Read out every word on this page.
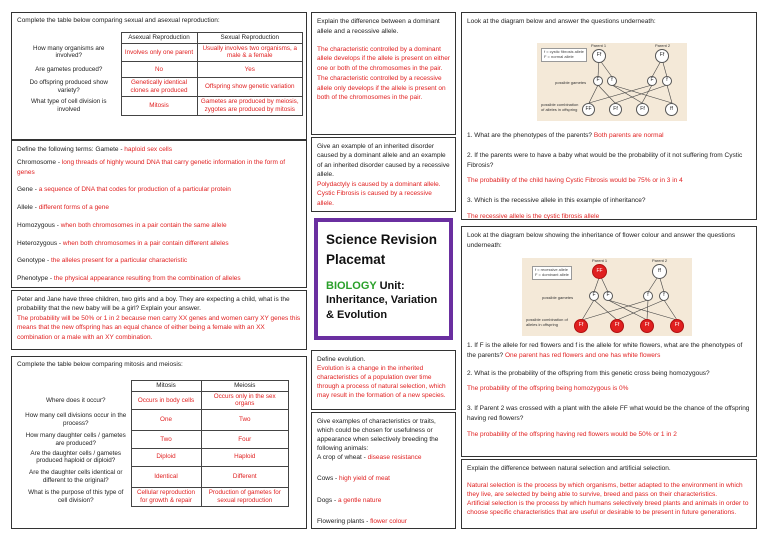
Complete the table below comparing sexual and asexual reproduction:

	Asexual Reproduction	Sexual Reproduction
How many organisms are involved?	Involves only one parent	Usually involves two organisms, a male & a female
Are gametes produced?	No	Yes
Do offspring produced show variety?	Genetically identical clones are produced	Offspring show genetic variation
What type of cell division is involved	Mitosis	Gametes are produced by meiosis, zygotes are produced by mitosis

Define the following terms: Gamete - haploid sex cells

Chromosome - long threads of highly wound DNA that carry genetic information in the form of genes

Gene - a sequence of DNA that codes for production of a particular protein

Allele - different forms of a gene

Homozygous - when both chromosomes in a pair contain the same allele

Heterozygous - when both chromosomes in a pair contain different alleles

Genotype - the alleles present for a particular characteristic

Phenotype - the physical appearance resulting from the combination of alleles

Peter and Jane have three children, two girls and a boy. They are expecting a child, what is the probability that the new baby will be a girl? Explain your answer.

The probability will be 50% or 1 in 2 because men carry XX genes and women carry XY genes this means that the new offspring has an equal chance of either being a female with an XX combination or a male with an XY combination.

Complete the table below comparing mitosis and meiosis:

	Mitosis	Meiosis
Where does it occur?	Occurs in body cells	Occurs only in the sex organs
How many cell divisions occur in the process?	One	Two
How many daughter cells / gametes are produced?	Two	Four
Are the daughter cells / gametes produced haploid or diploid?	Diploid	Haploid
Are the daughter cells identical or different to the original?	Identical	Different
What is the purpose of this type of cell division?	Cellular reproduction for growth & repair	Production of gametes for sexual reproduction

Explain the difference between a dominant allele and a recessive allele.

The characteristic controlled by a dominant allele develops if the allele is present on either one or both of the chromosomes in the pair. The characteristic controlled by a recessive allele only develops if the allele is present on both of the chromosomes in the pair.

Give an example of an inherited disorder caused by a dominant allele and an example of an inherited disorder caused by a recessive allele.

Polydactyly is caused by a dominant allele.

Cystic Fibrosis is caused by a recessive allele.

Science Revision
Placemat
BIOLOGY Unit:
Inheritance, Variation
& Evolution

Define evolution.

Evolution is a change in the inherited characteristics of a population over time through a process of natural selection, which may result in the formation of a new species.

Give examples of characteristics or traits, which could be chosen for usefulness or appearance when selectively breeding the following animals:

A crop of wheat - disease resistance

Cows - high yield of meat

Dogs - a gentle nature

Flowering plants - flower colour

Look at the diagram below and answer the questions underneath:

f = cystic fibrosis allele
F = normal allele
Parent 1	Parent 2
Ff	Ff
possible gametes	F	f	F	f
possible combination of alleles in offspring	FF	Ff	Ff	ff

1. What are the phenotypes of the parents? Both parents are normal

2. If the parents were to have a baby what would be the probability of it not suffering from Cystic Fibrosis?

The probability of the child having Cystic Fibrosis would be 75% or in 3 in 4

3. Which is the recessive allele in this example of inheritance?

The recessive allele is the cystic fibrosis allele

Look at the diagram below showing the inheritance of flower colour and answer the questions underneath:

f = recessive allele
F = dominant allele
Parent 1	Parent 2
FF	ff
possible gametes	F	F	f	f
possible combination of alleles in offspring	Ff	Ff	Ff	Ff

1. If F is the allele for red flowers and f is the allele for white flowers, what are the phenotypes of the parents? One parent has red flowers and one has white flowers

2. What is the probability of the offspring from this genetic cross being homozygous?

The probability of the offspring being homozygous is 0%

3. If Parent 2 was crossed with a plant with the allele FF what would be the chance of the offspring having red flowers?

The probability of the offspring having red flowers would be 50% or 1 in 2

Explain the difference between natural selection and artificial selection.

Natural selection is the process by which organisms, better adapted to the environment in which they live, are selected by being able to survive, breed and pass on their characteristics.

Artificial selection is the process by which humans selectively breed plants and animals in order to choose specific characteristics that are useful or desirable to be present in future generations.
